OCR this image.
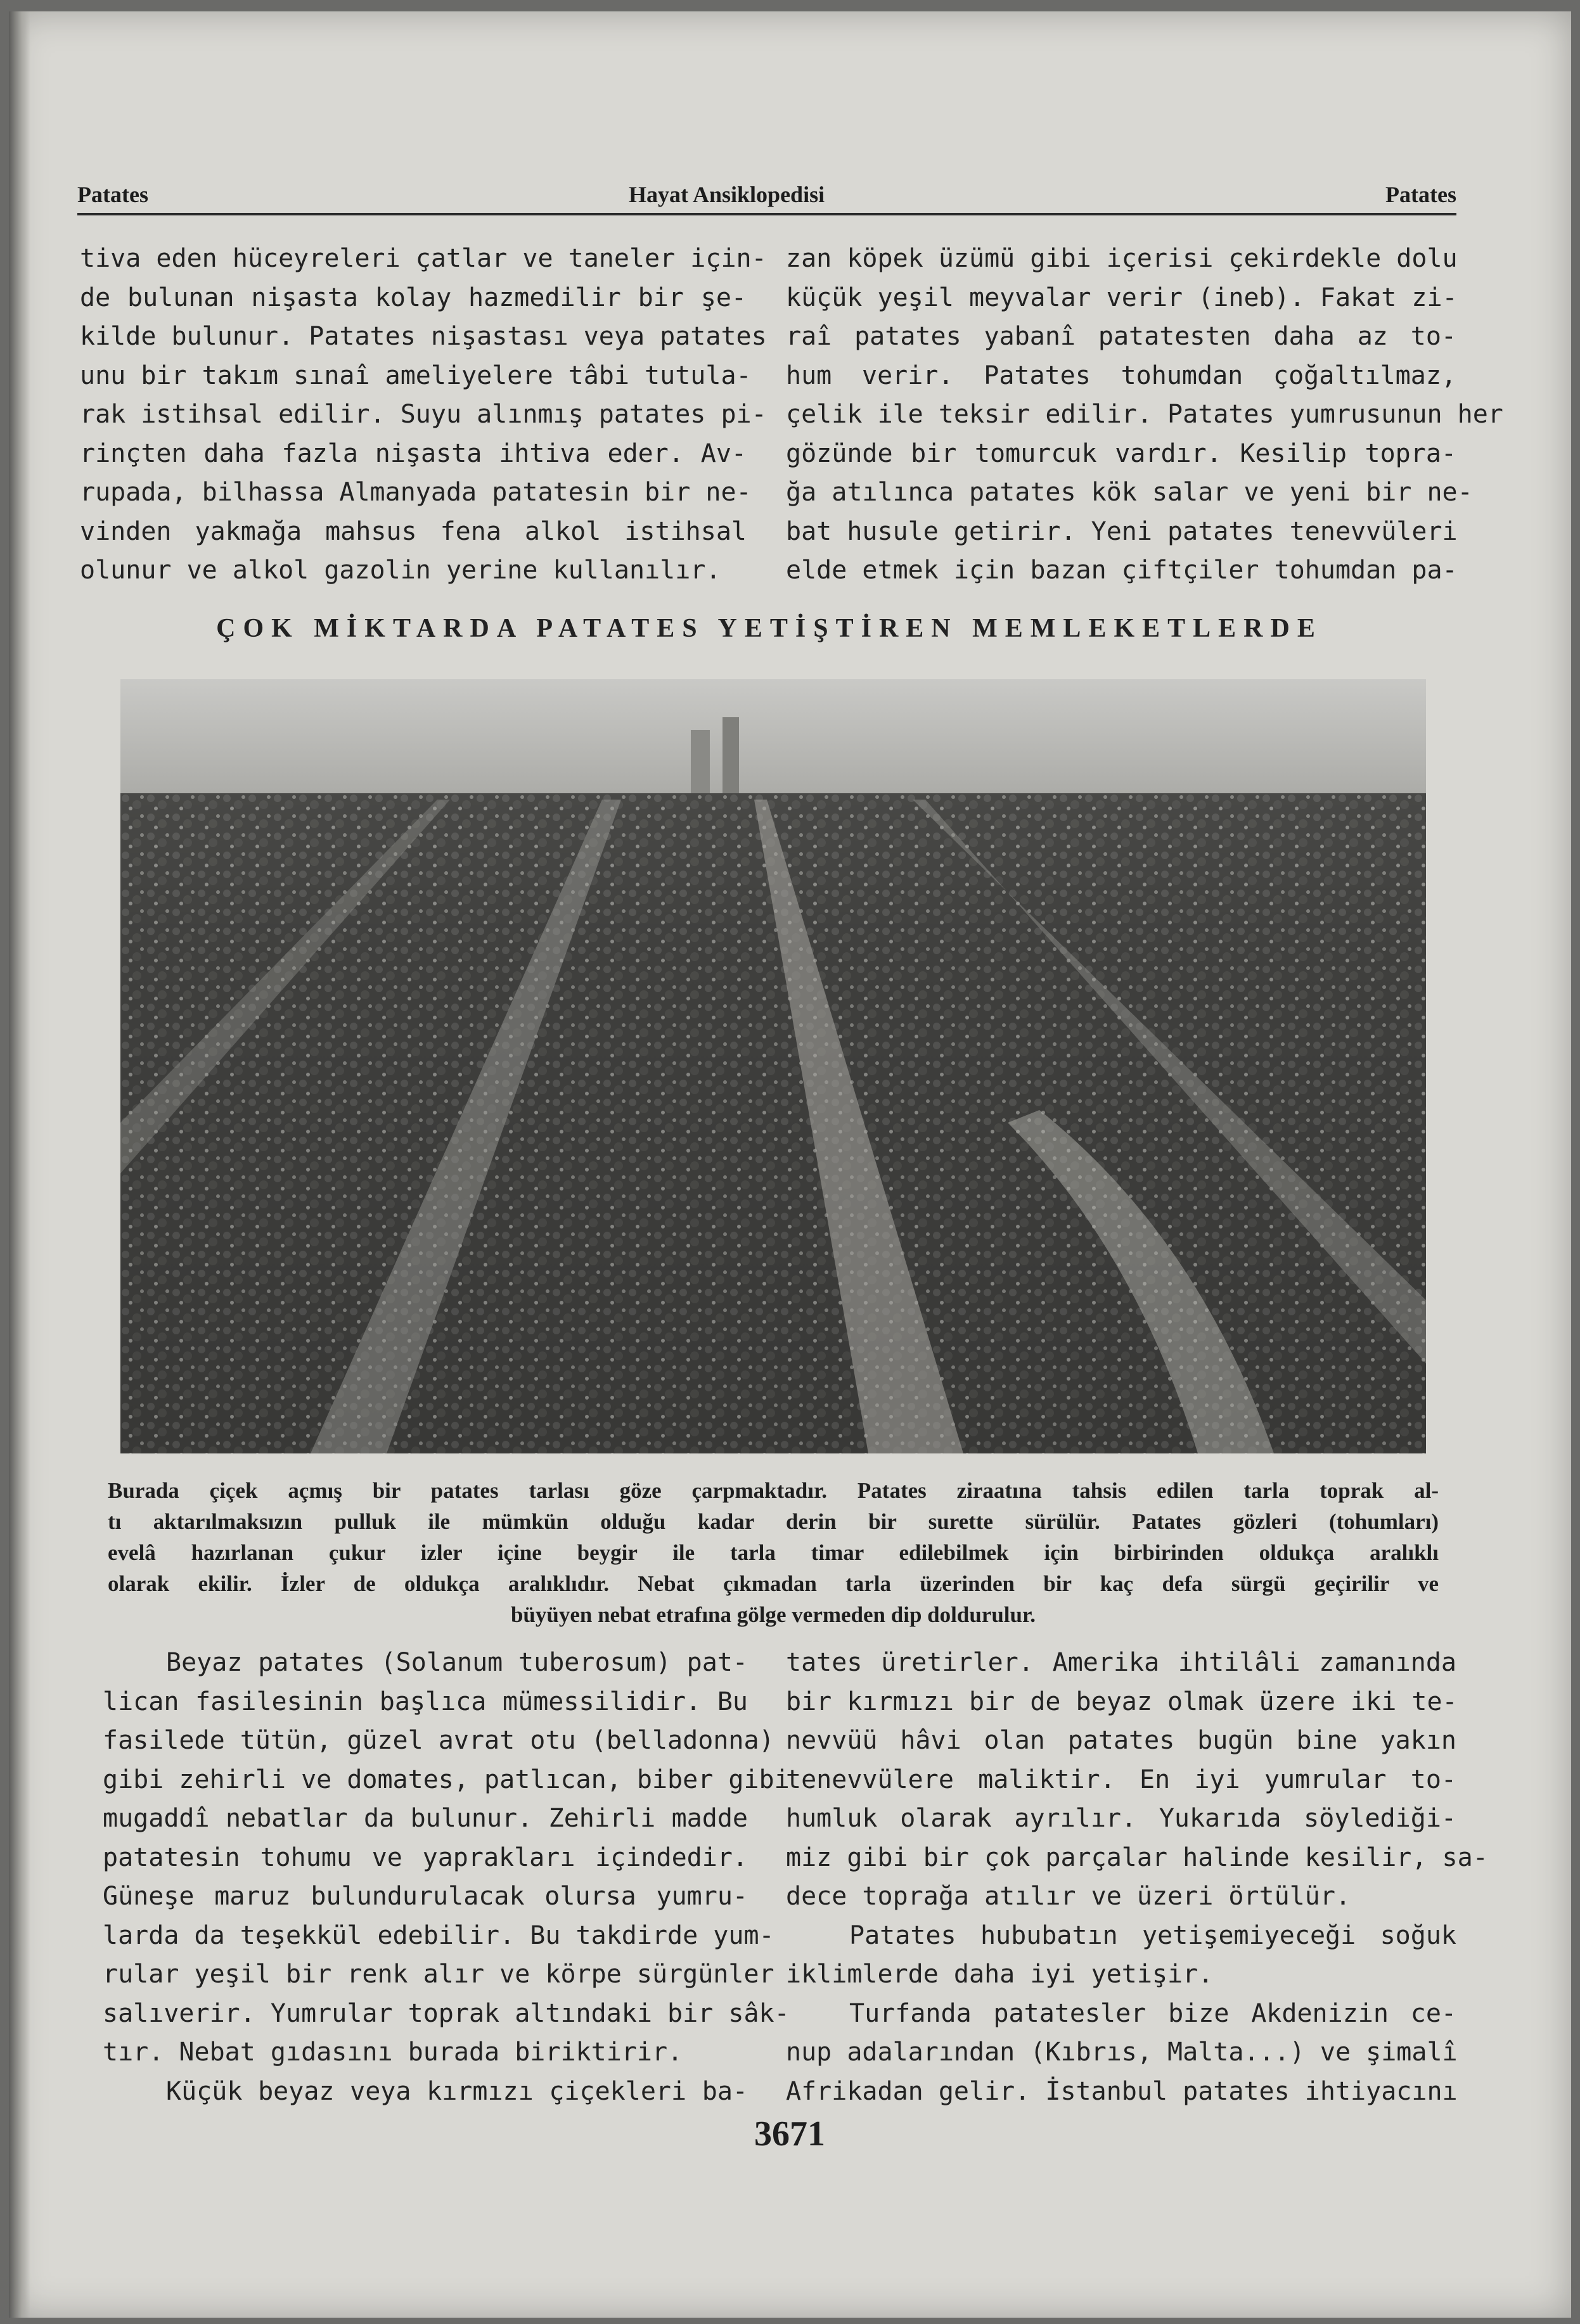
Patates	Hayat Ansiklopedisi	Patates
tiva eden hüceyreleri çatlar ve taneler için-
de bulunan nişasta kolay hazmedilir bir şe-
kilde bulunur. Patates nişastası veya patates
unu bir takım sınaî ameliyelere tâbi tutula-
rak istihsal edilir. Suyu alınmış patates pi-
rinçten daha fazla nişasta ihtiva eder. Av-
rupada, bilhassa Almanyada patatesin bir ne-
vinden yakmağa mahsus fena alkol istihsal
olunur ve alkol gazolin yerine kullanılır.
zan köpek üzümü gibi içerisi çekirdekle dolu
küçük yeşil meyvalar verir (ineb). Fakat zi-
raî patates yabanî patatesten daha az to-
hum verir. Patates tohumdan çoğaltılmaz,
çelik ile teksir edilir. Patates yumrusunun her
gözünde bir tomurcuk vardır. Kesilip topra-
ğa atılınca patates kök salar ve yeni bir ne-
bat husule getirir. Yeni patates tenevvüleri
elde etmek için bazan çiftçiler tohumdan pa-
ÇOK MİKTARDA PATATES YETİŞTİREN MEMLEKETLERDE
Burada çiçek açmış bir patates tarlası göze çarpmaktadır. Patates ziraatına tahsis edilen tarla toprak al-
tı aktarılmaksızın pulluk ile mümkün olduğu kadar derin bir surette sürülür. Patates gözleri (tohumları)
evelâ hazırlanan çukur izler içine beygir ile tarla timar edilebilmek için birbirinden oldukça aralıklı
olarak ekilir. İzler de oldukça aralıklıdır. Nebat çıkmadan tarla üzerinden bir kaç defa sürgü geçirilir ve
büyüyen nebat etrafına gölge vermeden dip doldurulur.
Beyaz patates (Solanum tuberosum) pat-
lican fasilesinin başlıca mümessilidir. Bu
fasilede tütün, güzel avrat otu (belladonna)
gibi zehirli ve domates, patlıcan, biber gibi
mugaddî nebatlar da bulunur. Zehirli madde
patatesin tohumu ve yaprakları içindedir.
Güneşe maruz bulundurulacak olursa yumru-
larda da teşekkül edebilir. Bu takdirde yum-
rular yeşil bir renk alır ve körpe sürgünler
salıverir. Yumrular toprak altındaki bir sâk-
tır. Nebat gıdasını burada biriktirir.
Küçük beyaz veya kırmızı çiçekleri ba-
tates üretirler. Amerika ihtilâli zamanında
bir kırmızı bir de beyaz olmak üzere iki te-
nevvüü hâvi olan patates bugün bine yakın
tenevvülere maliktir. En iyi yumrular to-
humluk olarak ayrılır. Yukarıda söylediği-
miz gibi bir çok parçalar halinde kesilir, sa-
dece toprağa atılır ve üzeri örtülür.
Patates hububatın yetişemiyeceği soğuk
iklimlerde daha iyi yetişir.
Turfanda patatesler bize Akdenizin ce-
nup adalarından (Kıbrıs, Malta...) ve şimalî
Afrikadan gelir. İstanbul patates ihtiyacını
3671
